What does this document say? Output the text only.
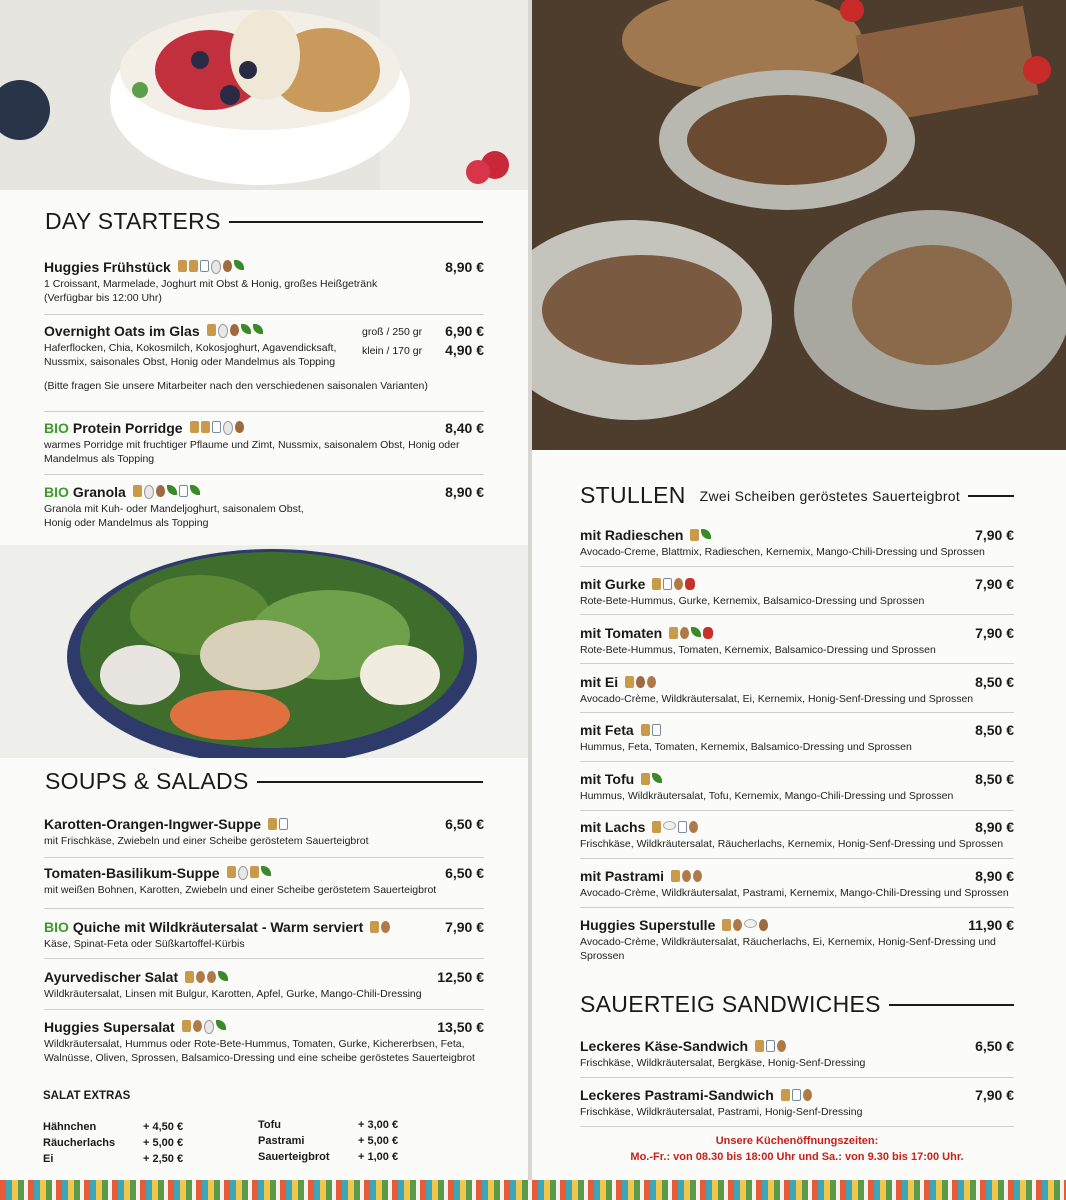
DAY STARTERS
Huggies Frühstück	8,90 €
1 Croissant, Marmelade, Joghurt mit Obst & Honig, großes Heißgetränk
(Verfügbar bis 12:00 Uhr)
Overnight Oats im Glas	groß / 250 gr 6,90 €
klein / 170 gr 4,90 €
Haferflocken, Chia, Kokosmilch, Kokosjoghurt, Agavendicksaft, Nussmix, saisonales Obst, Honig oder Mandelmus als Topping
(Bitte fragen Sie unsere Mitarbeiter nach den verschiedenen saisonalen Varianten)
BIO Protein Porridge	8,40 €
warmes Porridge mit fruchtiger Pflaume und Zimt, Nussmix, saisonalem Obst, Honig oder Mandelmus als Topping
BIO Granola	8,90 €
Granola mit Kuh- oder Mandeljoghurt, saisonalem Obst, Honig oder Mandelmus als Topping
SOUPS & SALADS
Karotten-Orangen-Ingwer-Suppe	6,50 €
mit Frischkäse, Zwiebeln und einer Scheibe geröstetem Sauerteigbrot
Tomaten-Basilikum-Suppe	6,50 €
mit weißen Bohnen, Karotten, Zwiebeln und einer Scheibe geröstetem Sauerteigbrot
BIO Quiche mit Wildkräutersalat - Warm serviert	7,90 €
Käse, Spinat-Feta oder Süßkartoffel-Kürbis
Ayurvedischer Salat	12,50 €
Wildkräutersalat, Linsen mit Bulgur, Karotten, Apfel, Gurke, Mango-Chili-Dressing
Huggies Supersalat	13,50 €
Wildkräutersalat, Hummus oder Rote-Bete-Hummus, Tomaten, Gurke, Kichererbsen, Feta, Walnüsse, Oliven, Sprossen, Balsamico-Dressing und eine scheibe geröstetes Sauerteigbrot
SALAT EXTRAS
Hähnchen	+ 4,50 €
Räucherlachs	+ 5,00 €
Ei	+ 2,50 €
Tofu	+ 3,00 €
Pastrami	+ 5,00 €
Sauerteigbrot	+ 1,00 €
STULLEN Zwei Scheiben geröstetes Sauerteigbrot
mit Radieschen	7,90 €
Avocado-Creme, Blattmix, Radieschen, Kernemix, Mango-Chili-Dressing und Sprossen
mit Gurke	7,90 €
Rote-Bete-Hummus, Gurke, Kernemix, Balsamico-Dressing und Sprossen
mit Tomaten	7,90 €
Rote-Bete-Hummus, Tomaten, Kernemix, Balsamico-Dressing und Sprossen
mit Ei	8,50 €
Avocado-Crème, Wildkräutersalat, Ei, Kernemix, Honig-Senf-Dressing und Sprossen
mit Feta	8,50 €
Hummus, Feta, Tomaten, Kernemix, Balsamico-Dressing und Sprossen
mit Tofu	8,50 €
Hummus, Wildkräutersalat, Tofu, Kernemix, Mango-Chili-Dressing und Sprossen
mit Lachs	8,90 €
Frischkäse, Wildkräutersalat, Räucherlachs, Kernemix, Honig-Senf-Dressing und Sprossen
mit Pastrami	8,90 €
Avocado-Crème, Wildkräutersalat, Pastrami, Kernemix, Mango-Chili-Dressing und Sprossen
Huggies Superstulle	11,90 €
Avocado-Crème, Wildkräutersalat, Räucherlachs, Ei, Kernemix, Honig-Senf-Dressing und Sprossen
SAUERTEIG SANDWICHES
Leckeres Käse-Sandwich	6,50 €
Frischkäse, Wildkräutersalat, Bergkäse, Honig-Senf-Dressing
Leckeres Pastrami-Sandwich	7,90 €
Frischkäse, Wildkräutersalat, Pastrami, Honig-Senf-Dressing
Unsere Küchenöffnungszeiten:
Mo.-Fr.: von 08.30 bis 18:00 Uhr und Sa.: von 9.30 bis 17:00 Uhr.
